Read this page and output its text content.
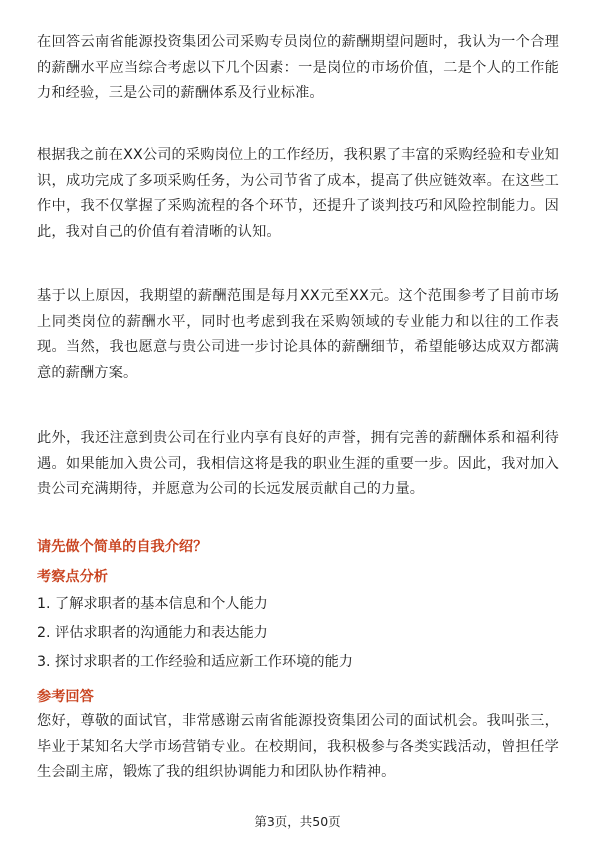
在回答云南省能源投资集团公司采购专员岗位的薪酬期望问题时，我认为一个合理的薪酬水平应当综合考虑以下几个因素：一是岗位的市场价值，二是个人的工作能力和经验，三是公司的薪酬体系及行业标准。

根据我之前在XX公司的采购岗位上的工作经历，我积累了丰富的采购经验和专业知识，成功完成了多项采购任务，为公司节省了成本，提高了供应链效率。在这些工作中，我不仅掌握了采购流程的各个环节，还提升了谈判技巧和风险控制能力。因此，我对自己的价值有着清晰的认知。

基于以上原因，我期望的薪酬范围是每月XX元至XX元。这个范围参考了目前市场上同类岗位的薪酬水平，同时也考虑到我在采购领域的专业能力和以往的工作表现。当然，我也愿意与贵公司进一步讨论具体的薪酬细节，希望能够达成双方都满意的薪酬方案。

此外，我还注意到贵公司在行业内享有良好的声誉，拥有完善的薪酬体系和福利待遇。如果能加入贵公司，我相信这将是我的职业生涯的重要一步。因此，我对加入贵公司充满期待，并愿意为公司的长远发展贡献自己的力量。

请先做个简单的自我介绍？
考察点分析

1. 了解求职者的基本信息和个人能力

2. 评估求职者的沟通能力和表达能力

3. 探讨求职者的工作经验和适应新工作环境的能力

参考回答

您好，尊敬的面试官，非常感谢云南省能源投资集团公司的面试机会。我叫张三，毕业于某知名大学市场营销专业。在校期间，我积极参与各类实践活动，曾担任学生会副主席，锻炼了我的组织协调能力和团队协作精神。

第3页，共50页
